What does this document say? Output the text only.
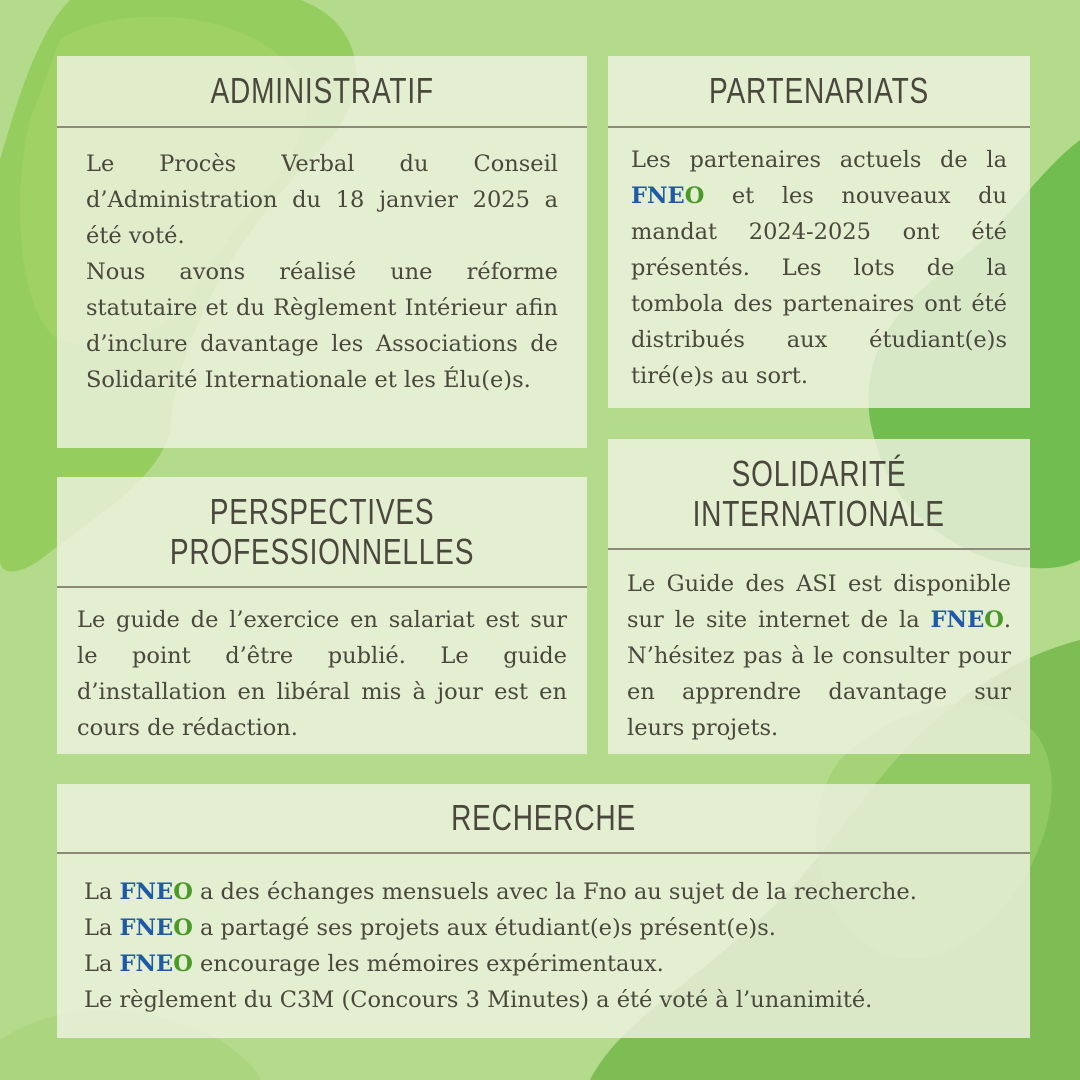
ADMINISTRATIF

Le Procès Verbal du Conseil d’Administration du 18 janvier 2025 a été voté.

Nous avons réalisé une réforme statutaire et du Règlement Intérieur afin d’inclure davantage les Associations de Solidarité Internationale et les Élu(e)s.

PARTENARIATS

Les partenaires actuels de la FNEO et les nouveaux du mandat 2024-2025 ont été présentés. Les lots de la tombola des partenaires ont été distribués aux étudiant(e)s tiré(e)s au sort.

PERSPECTIVES
PROFESSIONNELLES

Le guide de l’exercice en salariat est sur le point d’être publié. Le guide d’installation en libéral mis à jour est en cours de rédaction.

SOLIDARITÉ
INTERNATIONALE

Le Guide des ASI est disponible sur le site internet de la FNEO. N’hésitez pas à le consulter pour en apprendre davantage sur leurs projets.

RECHERCHE
La FNEO a des échanges mensuels avec la Fno au sujet de la recherche.
La FNEO a partagé ses projets aux étudiant(e)s présent(e)s.
La FNEO encourage les mémoires expérimentaux.
Le règlement du C3M (Concours 3 Minutes) a été voté à l’unanimité.
